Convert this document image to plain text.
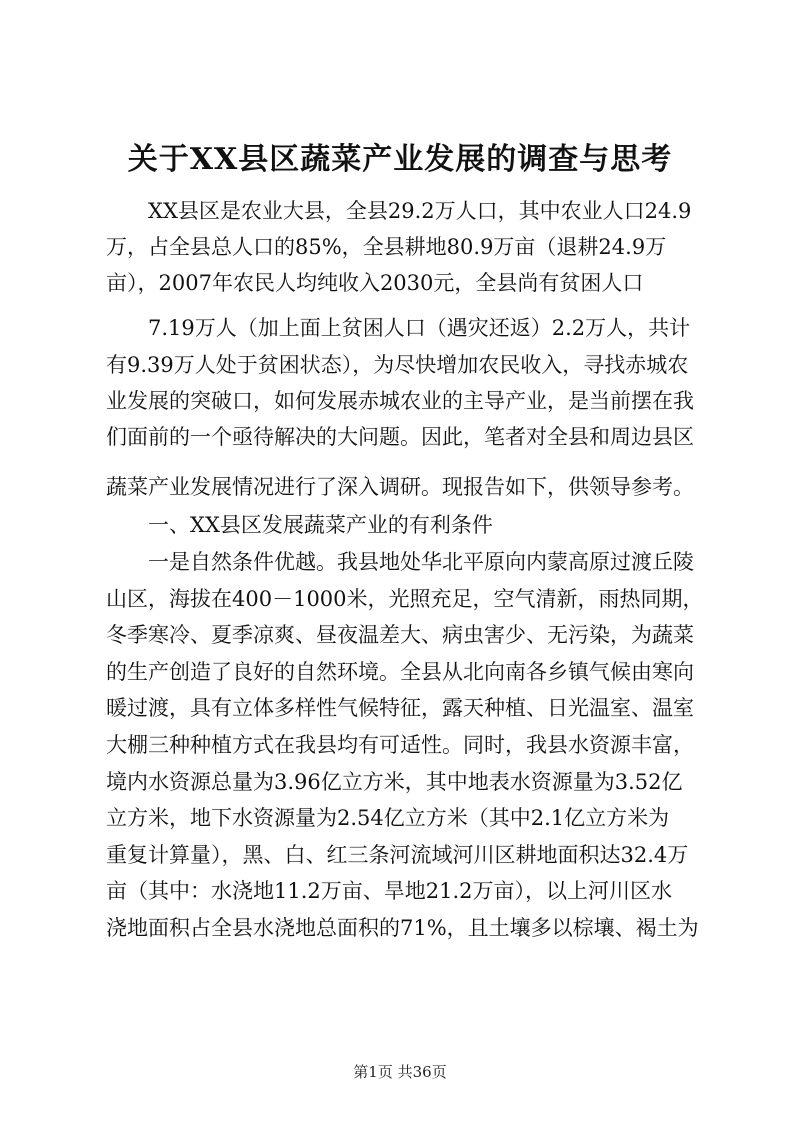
关于XX县区蔬菜产业发展的调查与思考
　　XX县区是农业大县，全县29.2万人口，其中农业人口24.9
万，占全县总人口的85%，全县耕地80.9万亩（退耕24.9万
亩），2007年农民人均纯收入2030元，全县尚有贫困人口
　　7.19万人（加上面上贫困人口（遇灾还返）2.2万人，共计
有9.39万人处于贫困状态），为尽快增加农民收入，寻找赤城农
业发展的突破口，如何发展赤城农业的主导产业，是当前摆在我
们面前的一个亟待解决的大问题。因此，笔者对全县和周边县区
蔬菜产业发展情况进行了深入调研。现报告如下，供领导参考。
　　一、XX县区发展蔬菜产业的有利条件
　　一是自然条件优越。我县地处华北平原向内蒙高原过渡丘陵
山区，海拔在400－1000米，光照充足，空气清新，雨热同期，
冬季寒冷、夏季凉爽、昼夜温差大、病虫害少、无污染，为蔬菜
的生产创造了良好的自然环境。全县从北向南各乡镇气候由寒向
暖过渡，具有立体多样性气候特征，露天种植、日光温室、温室
大棚三种种植方式在我县均有可适性。同时，我县水资源丰富，
境内水资源总量为3.96亿立方米，其中地表水资源量为3.52亿
立方米，地下水资源量为2.54亿立方米（其中2.1亿立方米为
重复计算量），黑、白、红三条河流域河川区耕地面积达32.4万
亩（其中：水浇地11.2万亩、旱地21.2万亩），以上河川区水
浇地面积占全县水浇地总面积的71%，且土壤多以棕壤、褐土为
第1页 共36页
